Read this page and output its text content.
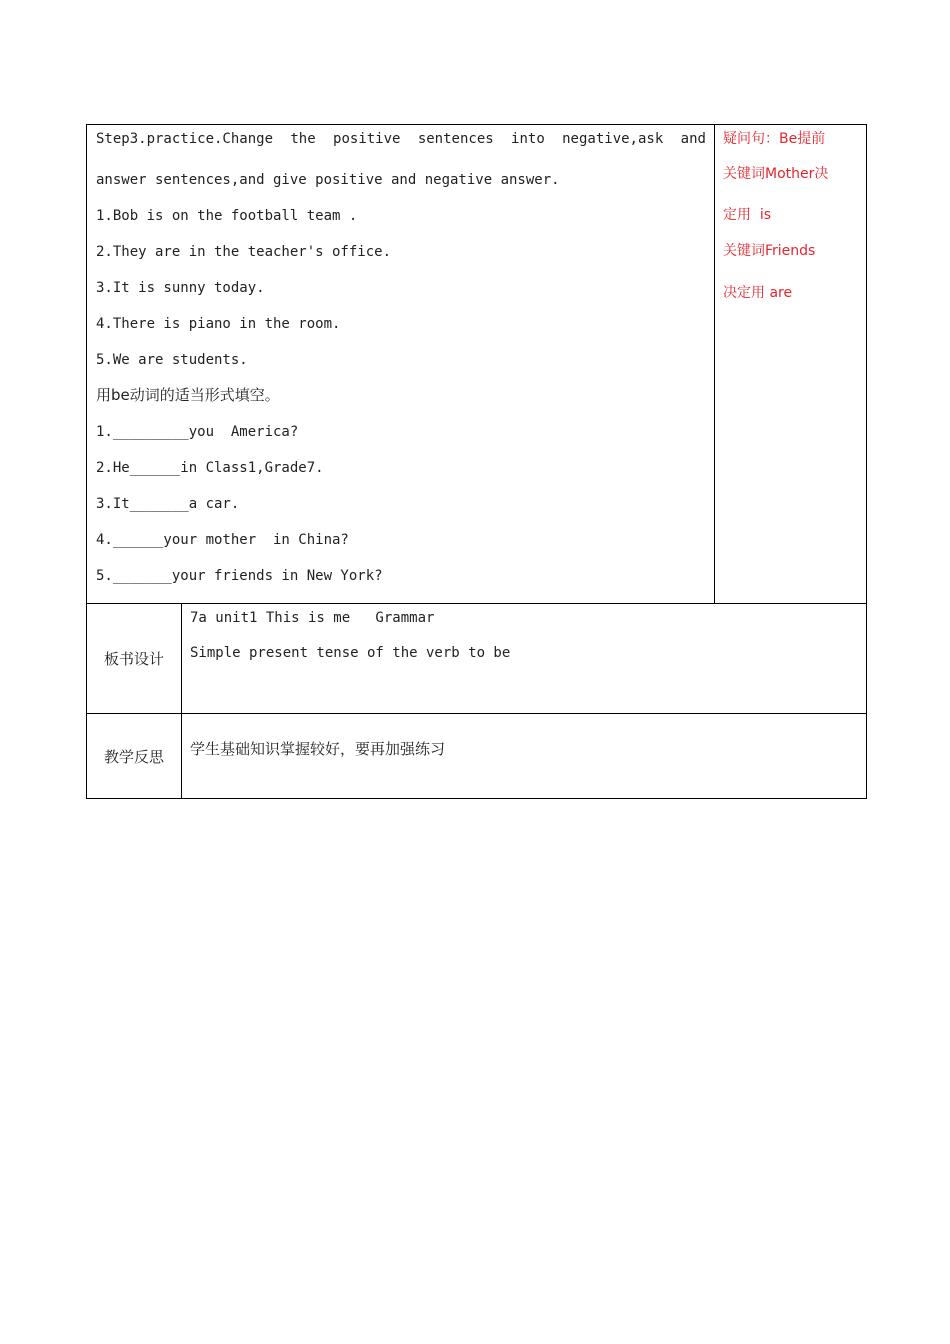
Step3.practice.Change the positive sentences into negative,ask and
answer sentences,and give positive and negative answer.
1.Bob is on the football team .
2.They are in the teacher's office.
3.It is sunny today.
4.There is piano in the room.
5.We are students.
用be动词的适当形式填空。
1._________you  America?
2.He______in Class1,Grade7.
3.It_______a car.
4.______your mother  in China?
5._______your friends in New York?
疑问句：Be提前
关键词Mother决
定用  is
关键词Friends
决定用 are
板书设计
7a unit1 This is me   Grammar
Simple present tense of the verb to be
教学反思	学生基础知识掌握较好，要再加强练习
